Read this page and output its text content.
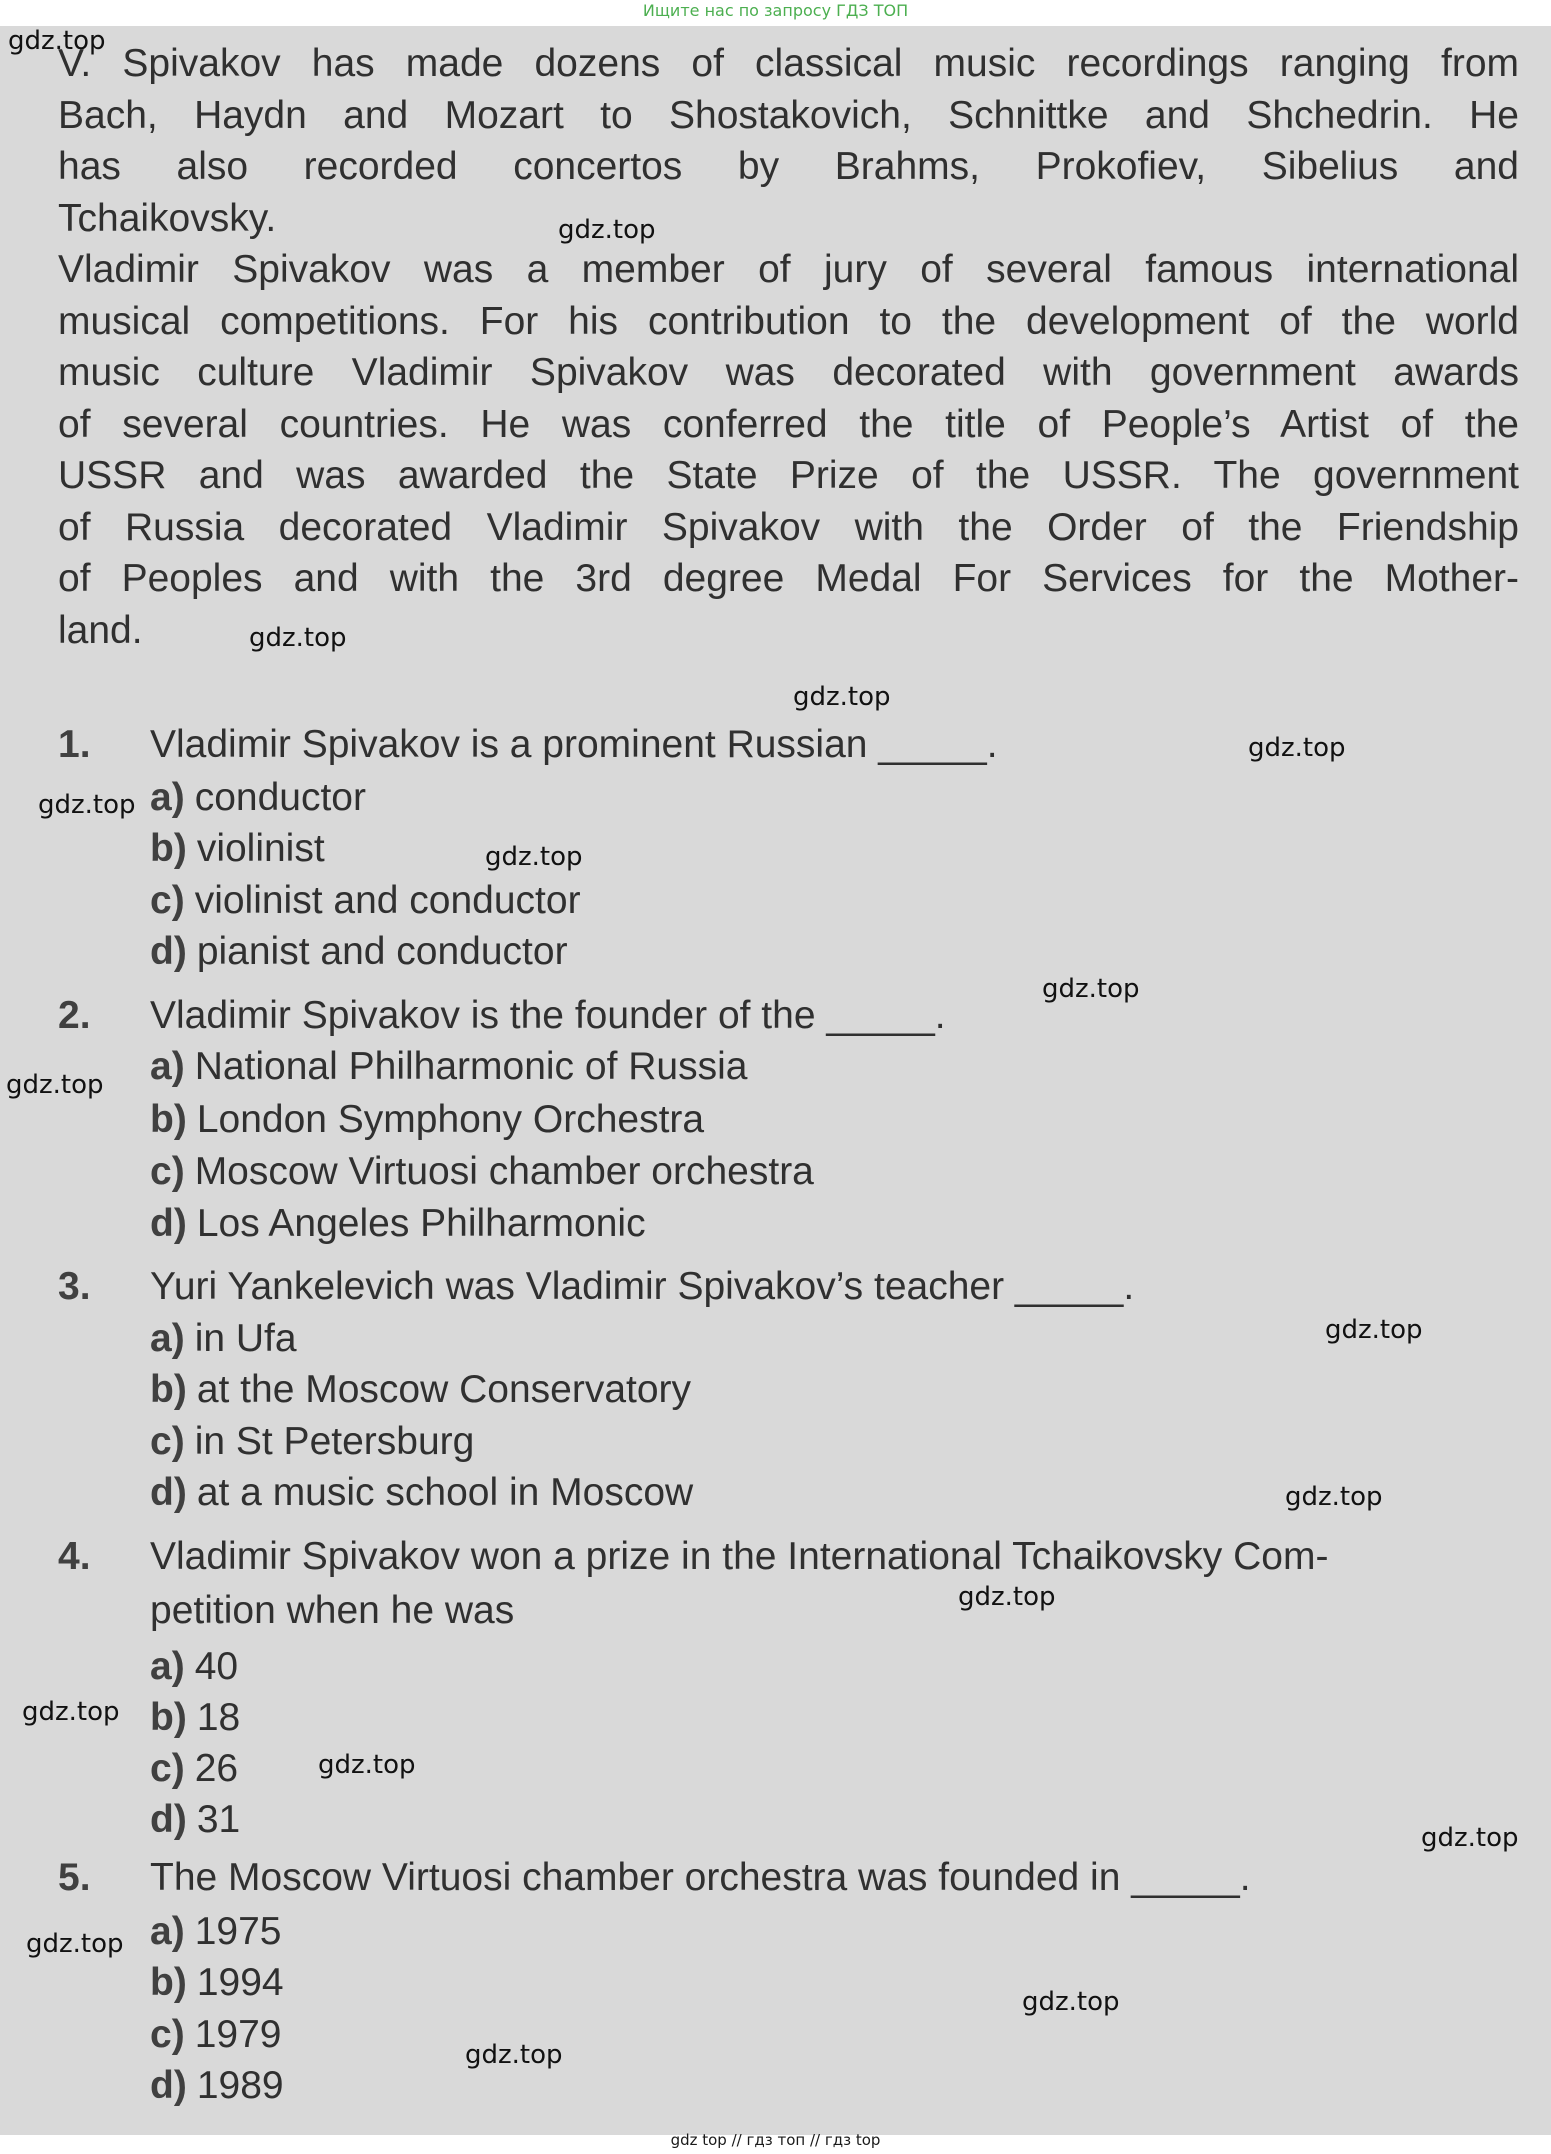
Ищите нас по запросу ГДЗ ТОП
V. Spivakov has made dozens of classical music recordings ranging from
Bach, Haydn and Mozart to Shostakovich, Schnittke and Shchedrin. He
has also recorded concertos by Brahms, Prokofiev, Sibelius and
Tchaikovsky.
Vladimir Spivakov was a member of jury of several famous international
musical competitions. For his contribution to the development of the world
music culture Vladimir Spivakov was decorated with government awards
of several countries. He was conferred the title of People’s Artist of the
USSR and was awarded the State Prize of the USSR. The government
of Russia decorated Vladimir Spivakov with the Order of the Friendship
of Peoples and with the 3rd degree Medal For Services for the Mother-
land.
1.	Vladimir Spivakov is a prominent Russian _____.
a) conductor
b) violinist
c) violinist and conductor
d) pianist and conductor
2.	Vladimir Spivakov is the founder of the _____.
a) National Philharmonic of Russia
b) London Symphony Orchestra
c) Moscow Virtuosi chamber orchestra
d) Los Angeles Philharmonic
3.	Yuri Yankelevich was Vladimir Spivakov’s teacher _____.
a) in Ufa
b) at the Moscow Conservatory
c) in St Petersburg
d) at a music school in Moscow
4.	Vladimir Spivakov won a prize in the International Tchaikovsky Com-
petition when he was
a) 40
b) 18
c) 26
d) 31
5.	The Moscow Virtuosi chamber orchestra was founded in _____.
a) 1975
b) 1994
c) 1979
d) 1989
gdz.top
gdz.top
gdz.top
gdz.top
gdz.top
gdz.top
gdz.top
gdz.top
gdz.top
gdz.top
gdz.top
gdz.top
gdz.top
gdz.top
gdz.top
gdz.top
gdz.top
gdz.top
gdz top // гдз топ // гдз top
